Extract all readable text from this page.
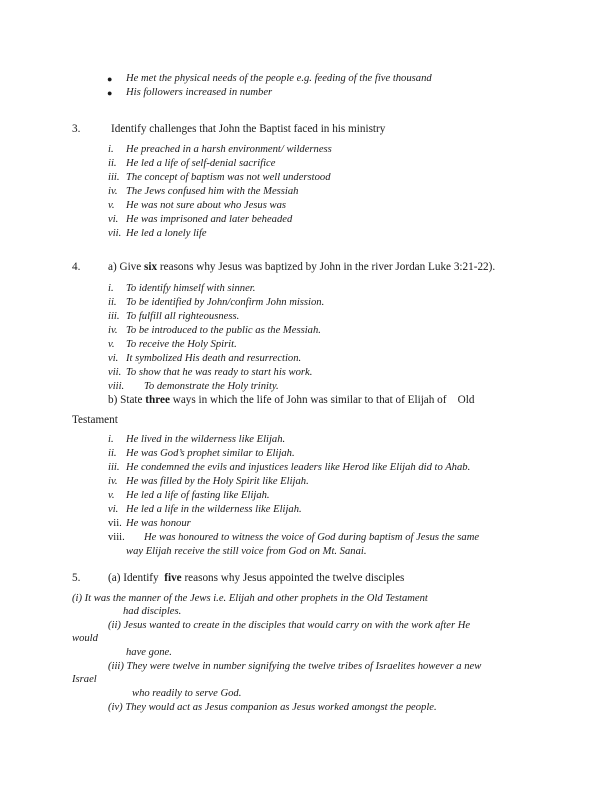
● He met the physical needs of the people e.g. feeding of the five thousand
● His followers increased in number
3.	Identify challenges that John the Baptist faced in his ministry
i. He preached in a harsh environment/ wilderness
ii. He led a life of self-denial sacrifice
iii. The concept of baptism was not well understood
iv. The Jews confused him with the Messiah
v. He was not sure about who Jesus was
vi. He was imprisoned and later beheaded
vii. He led a lonely life
4. a) Give six reasons why Jesus was baptized by John in the river Jordan Luke 3:21-22).
i. To identify himself with sinner.
ii. To be identified by John/confirm John mission.
iii. To fulfill all righteousness.
iv. To be introduced to the public as the Messiah.
v. To receive the Holy Spirit.
vi. It symbolized His death and resurrection.
vii. To show that he was ready to start his work.
viii. To demonstrate the Holy trinity.
b) State three ways in which the life of John was similar to that of Elijah of    Old
Testament
i. He lived in the wilderness like Elijah.
ii. He was God’s prophet similar to Elijah.
iii. He condemned the evils and injustices leaders like Herod like Elijah did to Ahab.
iv. He was filled by the Holy Spirit like Elijah.
v. He led a life of fasting like Elijah.
vi. He led a life in the wilderness like Elijah.
vii. He was honour
viii. He was honoured to witness the voice of God during baptism of Jesus the same
way Elijah receive the still voice from God on Mt. Sanai.
5. (a) Identify  five reasons why Jesus appointed the twelve disciples
(i) It was the manner of the Jews i.e. Elijah and other prophets in the Old Testament
had disciples.
(ii) Jesus wanted to create in the disciples that would carry on with the work after He
would
have gone.
(iii) They were twelve in number signifying the twelve tribes of Israelites however a new
Israel
who readily to serve God.
(iv) They would act as Jesus companion as Jesus worked amongst the people.
